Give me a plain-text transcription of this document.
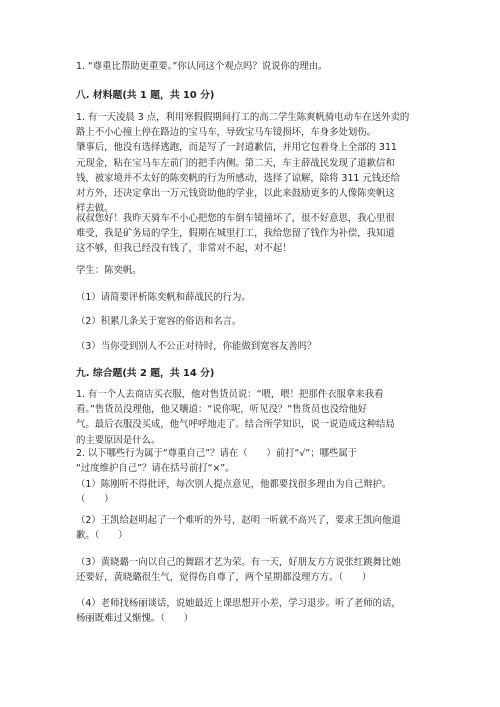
1. “尊重比帮助更重要。”你认同这个观点吗？说说你的理由。

八. 材料题(共 1 题，共 10 分)

1. 有一天凌晨 3 点，利用寒假假期间打工的高二学生陈爽帆骑电动车在送外卖的
路上不小心撞上停在路边的宝马车，导致宝马车镜损坏，车身多处划伤。
肇事后，他没有选择逃跑，而是写了一封道歉信，并用它包着身上全部的 311
元现金，粘在宝马车左前门的把手内侧。第二天，车主薛战民发现了道歉信和
钱，被家境并不太好的陈奕帆的行为所感动，选择了谅解，除将 311 元钱还给
对方外，还决定拿出一万元钱资助他的学业，以此来鼓励更多的人像陈奕帆这
样去做。

叔叔您好！我昨天骑车不小心把您的车倒车镜撞坏了，很不好意思，我心里很
难受，我是矿务局的学生，假期在城里打工，我给您留了钱作为补偿，我知道
这不够，但我已经没有钱了，非常对不起，对不起！

学生：陈奕帆。

（1）请简要评析陈奕帆和薛战民的行为。

（2）积累几条关于宽容的俗语和名言。

（3）当你受到别人不公正对待时，你能做到宽容友善吗？

九. 综合题(共 2 题，共 14 分)

1. 有一个人去商店买衣服，他对售货员说：“喂，喂！把那件衣服拿来我看
看。”售货员没理他，他又嚷道：“说你呢，听见没？”售货员也没给他好
气。最后衣服没买成，他气呼呼地走了。结合所学知识，说一说造成这种结局
的主要原因是什么。

2. 以下哪些行为属于“尊重自己”？请在（　　）前打“√”；哪些属于
“过度维护自己”？请在括号前打“×”。

（1）陈刚听不得批评，每次别人提点意见，他都要找很多理由为自己辩护。
（　　）

（2）王凯给赵明起了一个难听的外号，赵明一听就不高兴了，要求王凯向他道
歉。（　　）

（3）黄晓璐一向以自己的舞蹈才艺为荣。有一天，好朋友方方说张红跳舞比她
还要好，黄晓璐很生气，觉得伤自尊了，两个星期都没理方方。（　　）

（4）老师找杨丽谈话，说她最近上课思想开小差，学习退步。听了老师的话，
杨丽既难过又惭愧。（　　）
